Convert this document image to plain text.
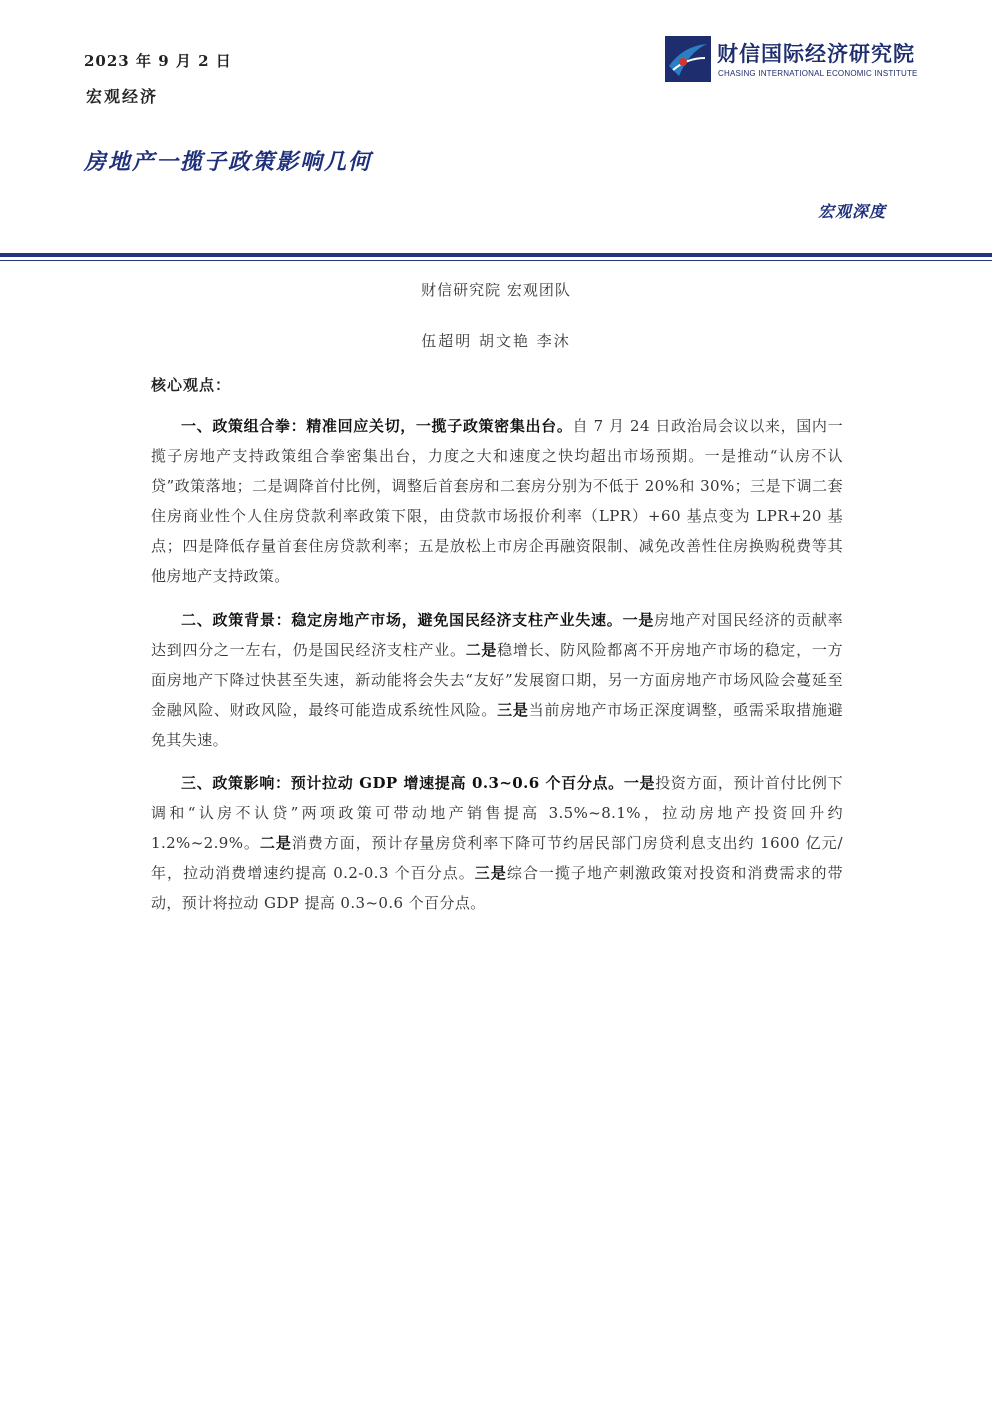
2023 年 9 月 2 日
宏观经济
财信国际经济研究院
CHASING INTERNATIONAL ECONOMIC INSTITUTE
房地产一揽子政策影响几何
宏观深度
财信研究院 宏观团队
伍超明 胡文艳 李沐
核心观点：
一、政策组合拳：精准回应关切，一揽子政策密集出台。自 7 月 24 日政治局会议以来，国内一揽子房地产支持政策组合拳密集出台，力度之大和速度之快均超出市场预期。一是推动“认房不认贷”政策落地；二是调降首付比例，调整后首套房和二套房分别为不低于 20%和 30%；三是下调二套住房商业性个人住房贷款利率政策下限，由贷款市场报价利率（LPR）+60 基点变为 LPR+20 基点；四是降低存量首套住房贷款利率；五是放松上市房企再融资限制、减免改善性住房换购税费等其他房地产支持政策。
二、政策背景：稳定房地产市场，避免国民经济支柱产业失速。一是房地产对国民经济的贡献率达到四分之一左右，仍是国民经济支柱产业。二是稳增长、防风险都离不开房地产市场的稳定，一方面房地产下降过快甚至失速，新动能将会失去“友好”发展窗口期，另一方面房地产市场风险会蔓延至金融风险、财政风险，最终可能造成系统性风险。三是当前房地产市场正深度调整，亟需采取措施避免其失速。
三、政策影响：预计拉动 GDP 增速提高 0.3~0.6 个百分点。一是投资方面，预计首付比例下调和“认房不认贷”两项政策可带动地产销售提高 3.5%~8.1%，拉动房地产投资回升约 1.2%~2.9%。二是消费方面，预计存量房贷利率下降可节约居民部门房贷利息支出约 1600 亿元/年，拉动消费增速约提高 0.2-0.3 个百分点。三是综合一揽子地产刺激政策对投资和消费需求的带动，预计将拉动 GDP 提高 0.3~0.6 个百分点。
